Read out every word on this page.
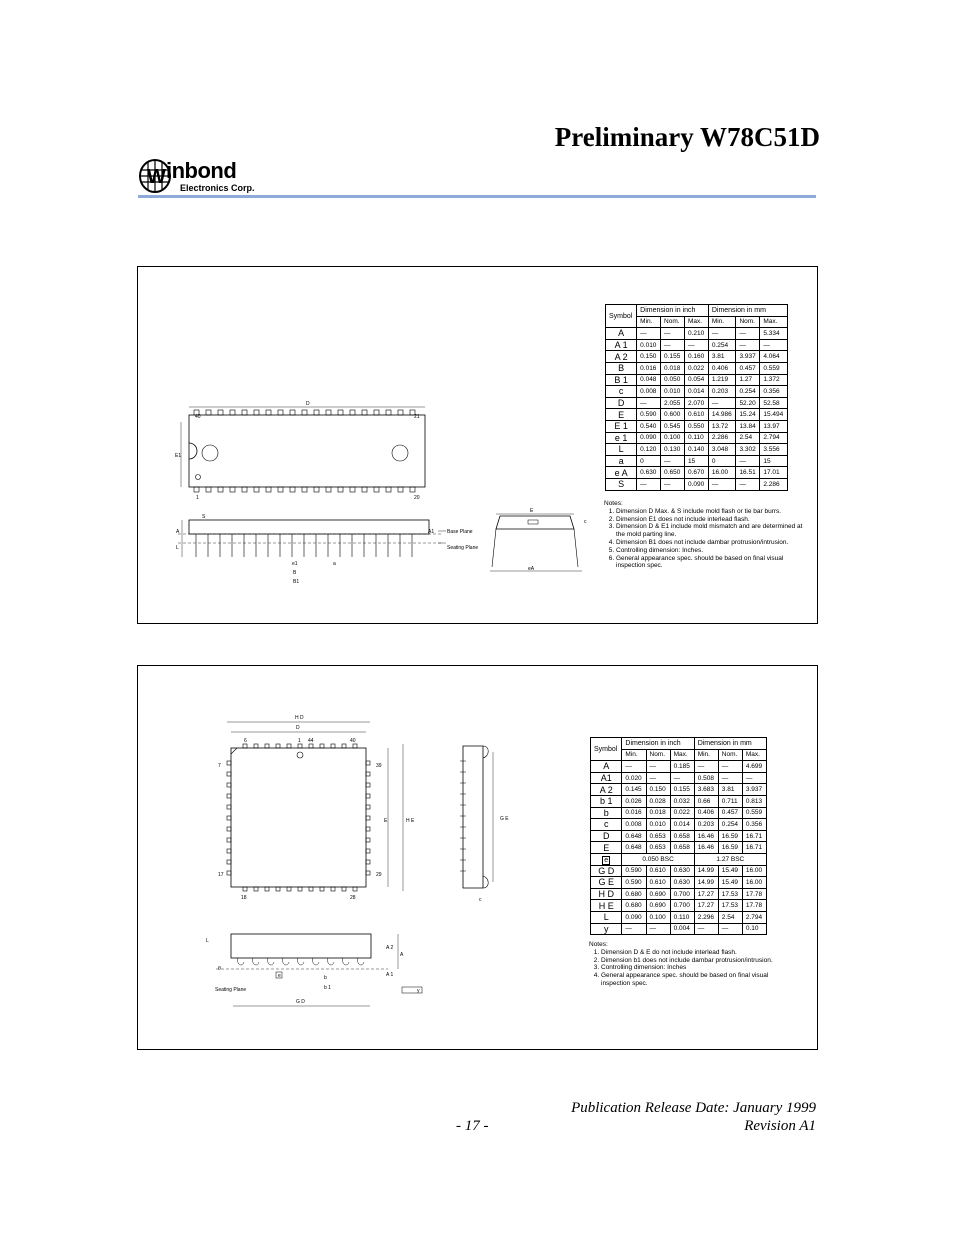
Preliminary W78C51D
W inbond
Electronics Corp.
D
E1
40	21
1	20
S
A	A1
L
e1	a
B
B1
Base Plane
Seating Plane
E
c
eA
Symbol	Dimension in inch			Dimension in mm		
	Min.	Nom.	Max.	Min.	Nom.	Max.
A	—	—	0.210	—	—	5.334
A 1	0.010	—	—	0.254	—	—
A 2	0.150	0.155	0.160	3.81	3.937	4.064
B	0.016	0.018	0.022	0.406	0.457	0.559
B 1	0.048	0.050	0.054	1.219	1.27	1.372
c	0.008	0.010	0.014	0.203	0.254	0.356
D	—	2.055	2.070	—	52.20	52.58
E	0.590	0.600	0.610	14.986	15.24	15.494
E 1	0.540	0.545	0.550	13.72	13.84	13.97
e 1	0.090	0.100	0.110	2.286	2.54	2.794
L	0.120	0.130	0.140	3.048	3.302	3.556
a	0	—	15	0	—	15
e A	0.630	0.650	0.670	16.00	16.51	17.01
S	—	—	0.090	—	—	2.286
Notes:
1. Dimension D Max. & S include mold flash or tie bar burrs.
2. Dimension E1 does not include interlead flash.
3. Dimension D & E1 include mold mismatch and are determined at the mold parting line.
4. Dimension B1 does not include dambar protrusion/intrusion.
5. Controlling dimension: Inches.
6. General appearance spec. should be based on final visual inspection spec.
H D
D
6	1 44	40
7	39
17	29
18	28
E	H E	G E
c
L
A 2
A
A 1
θ
e	b
b 1	y
Seating Plane
G D
Symbol	Dimension in inch			Dimension in mm		
	Min.	Nom.	Max.	Min.	Nom.	Max.
A	—	—	0.185	—	—	4.699
A1	0.020	—	—	0.508	—	—
A 2	0.145	0.150	0.155	3.683	3.81	3.937
b 1	0.026	0.028	0.032	0.66	0.711	0.813
b	0.016	0.018	0.022	0.406	0.457	0.559
c	0.008	0.010	0.014	0.203	0.254	0.356
D	0.648	0.653	0.658	16.46	16.59	16.71
E	0.648	0.653	0.658	16.46	16.59	16.71
e	0.050 BSC			1.27 BSC		
G D	0.590	0.610	0.630	14.99	15.49	16.00
G E	0.590	0.610	0.630	14.99	15.49	16.00
H D	0.680	0.690	0.700	17.27	17.53	17.78
H E	0.680	0.690	0.700	17.27	17.53	17.78
L	0.090	0.100	0.110	2.296	2.54	2.794
y	—	—	0.004	—	—	0.10
Notes:
1. Dimension D & E do not include interlead flash.
2. Dimension b1 does not include dambar protrusion/intrusion.
3. Controlling dimension: Inches
4. General appearance spec. should be based on final visual inspection spec.
Publication Release Date: January 1999
- 17 -	Revision A1
